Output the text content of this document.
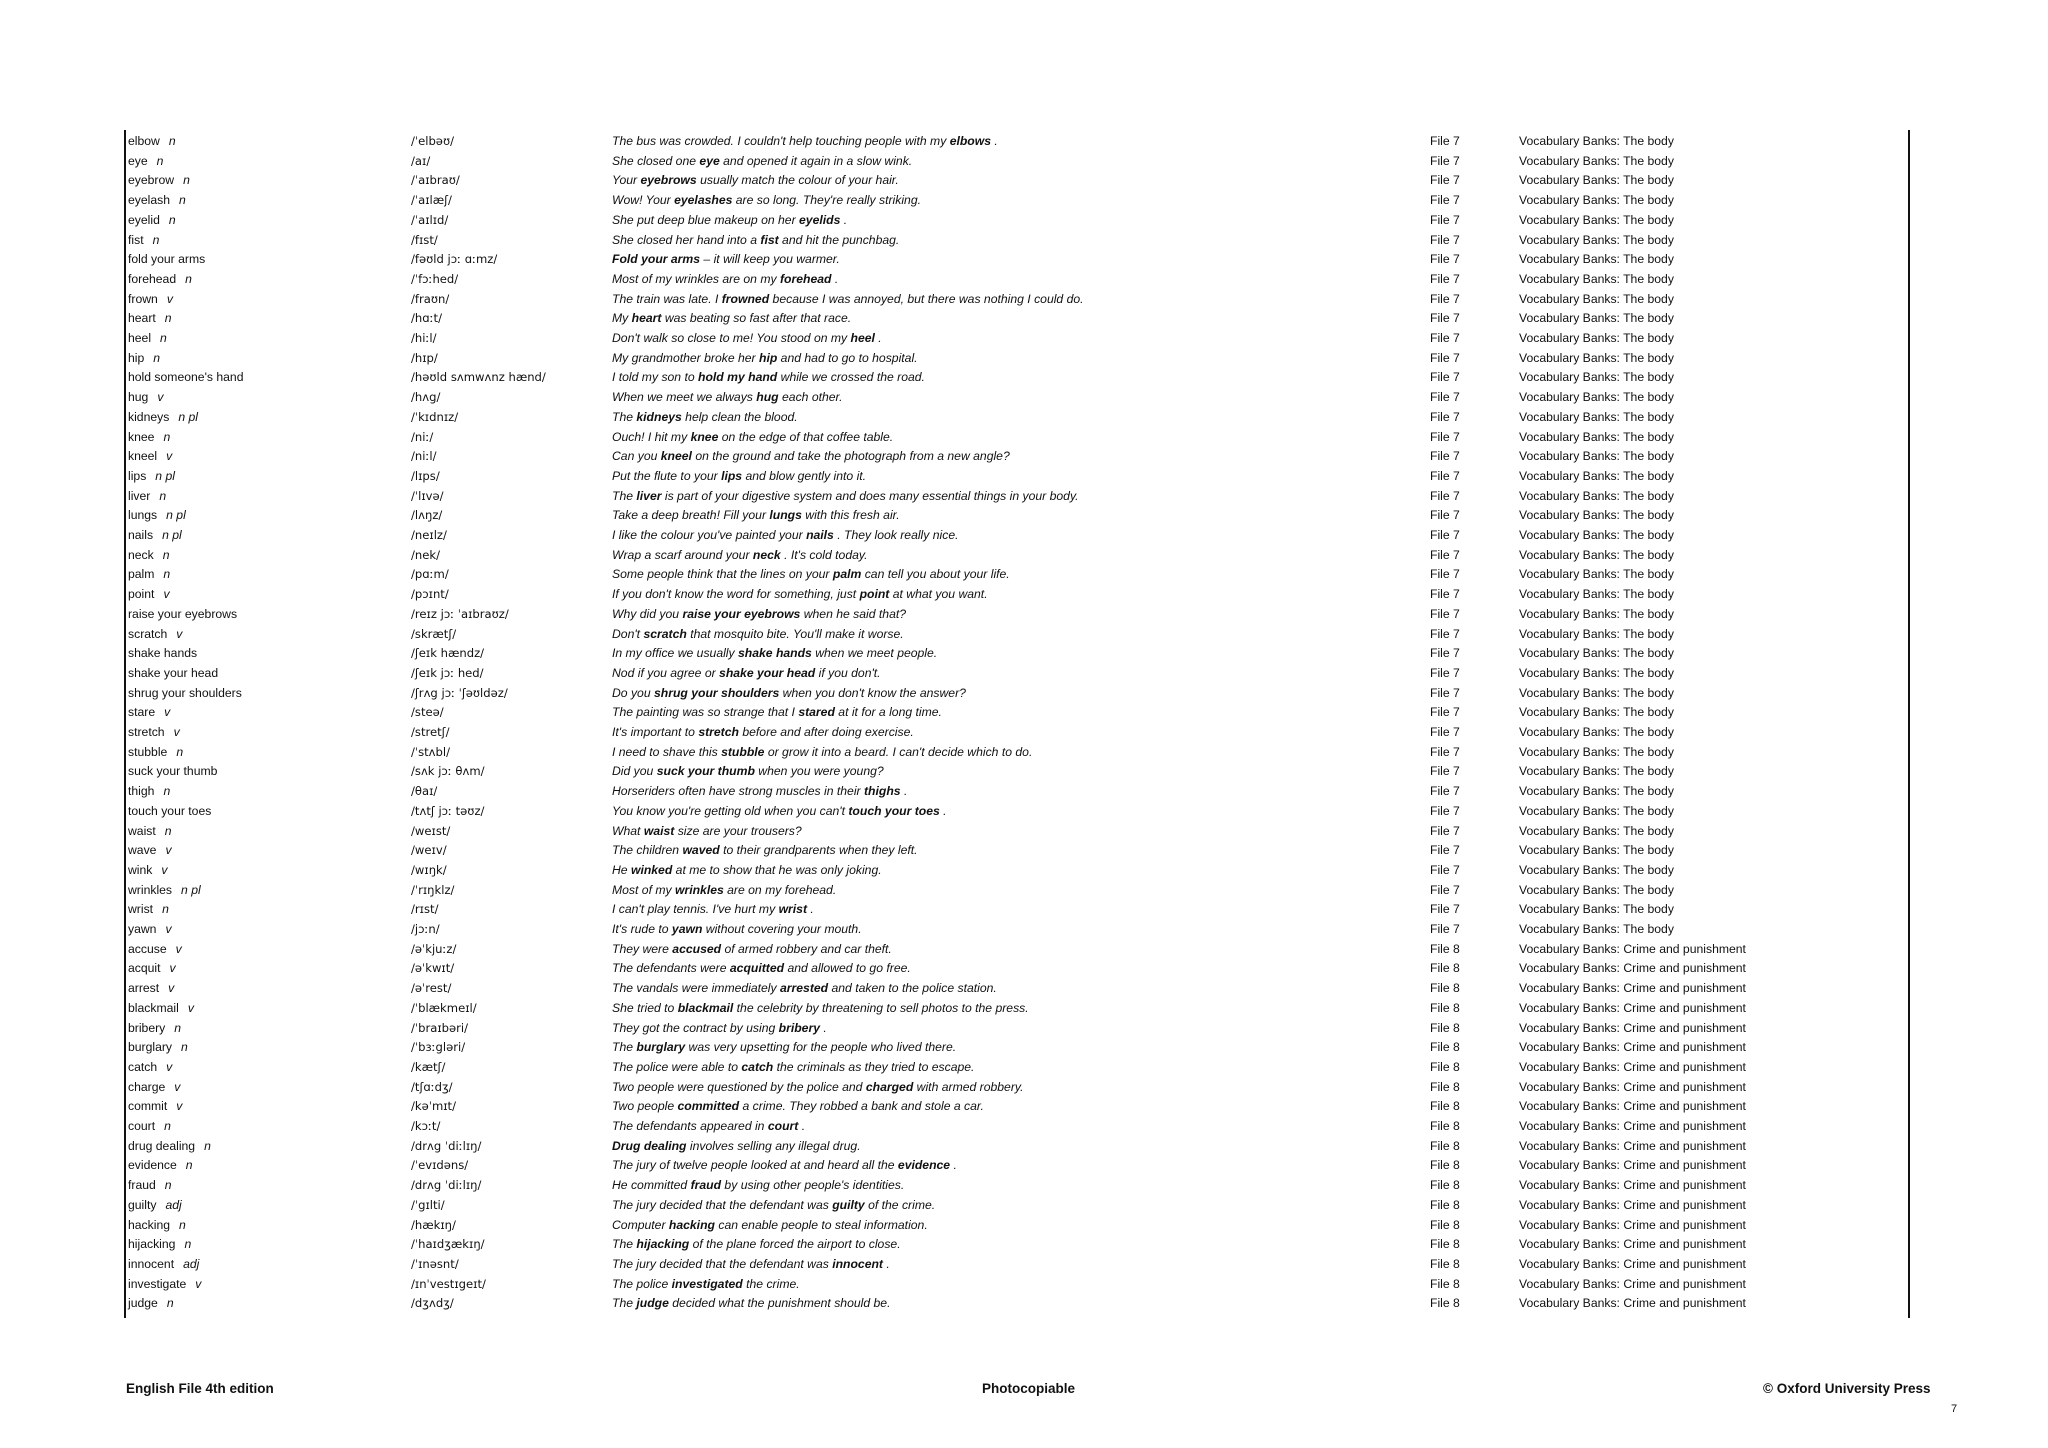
elbow n	/ˈelbəʊ/	The bus was crowded. I couldn't help touching people with my elbows .	File 7	Vocabulary Banks: The body
eye n	/aɪ/	She closed one eye and opened it again in a slow wink.	File 7	Vocabulary Banks: The body
eyebrow n	/ˈaɪbraʊ/	Your eyebrows usually match the colour of your hair.	File 7	Vocabulary Banks: The body
eyelash n	/ˈaɪlæʃ/	Wow! Your eyelashes are so long. They're really striking.	File 7	Vocabulary Banks: The body
eyelid n	/ˈaɪlɪd/	She put deep blue makeup on her eyelids .	File 7	Vocabulary Banks: The body
fist n	/fɪst/	She closed her hand into a fist and hit the punchbag.	File 7	Vocabulary Banks: The body
fold your arms	/fəʊld jɔː ɑːmz/	Fold your arms – it will keep you warmer.	File 7	Vocabulary Banks: The body
forehead n	/ˈfɔːhed/	Most of my wrinkles are on my forehead .	File 7	Vocabulary Banks: The body
frown v	/fraʊn/	The train was late. I frowned because I was annoyed, but there was nothing I could do.	File 7	Vocabulary Banks: The body
heart n	/hɑːt/	My heart was beating so fast after that race.	File 7	Vocabulary Banks: The body
heel n	/hiːl/	Don't walk so close to me! You stood on my heel .	File 7	Vocabulary Banks: The body
hip n	/hɪp/	My grandmother broke her hip and had to go to hospital.	File 7	Vocabulary Banks: The body
hold someone's hand	/həʊld sʌmwʌnz hænd/	I told my son to hold my hand while we crossed the road.	File 7	Vocabulary Banks: The body
hug v	/hʌg/	When we meet we always hug each other.	File 7	Vocabulary Banks: The body
kidneys n pl	/ˈkɪdnɪz/	The kidneys help clean the blood.	File 7	Vocabulary Banks: The body
knee n	/niː/	Ouch! I hit my knee on the edge of that coffee table.	File 7	Vocabulary Banks: The body
kneel v	/niːl/	Can you kneel on the ground and take the photograph from a new angle?	File 7	Vocabulary Banks: The body
lips n pl	/lɪps/	Put the flute to your lips and blow gently into it.	File 7	Vocabulary Banks: The body
liver n	/ˈlɪvə/	The liver is part of your digestive system and does many essential things in your body.	File 7	Vocabulary Banks: The body
lungs n pl	/lʌŋz/	Take a deep breath! Fill your lungs with this fresh air.	File 7	Vocabulary Banks: The body
nails n pl	/neɪlz/	I like the colour you've painted your nails . They look really nice.	File 7	Vocabulary Banks: The body
neck n	/nek/	Wrap a scarf around your neck . It's cold today.	File 7	Vocabulary Banks: The body
palm n	/pɑːm/	Some people think that the lines on your palm can tell you about your life.	File 7	Vocabulary Banks: The body
point v	/pɔɪnt/	If you don't know the word for something, just point at what you want.	File 7	Vocabulary Banks: The body
raise your eyebrows	/reɪz jɔː ˈaɪbraʊz/	Why did you raise your eyebrows when he said that?	File 7	Vocabulary Banks: The body
scratch v	/skrætʃ/	Don't scratch that mosquito bite. You'll make it worse.	File 7	Vocabulary Banks: The body
shake hands	/ʃeɪk hændz/	In my office we usually shake hands when we meet people.	File 7	Vocabulary Banks: The body
shake your head	/ʃeɪk jɔː hed/	Nod if you agree or shake your head if you don't.	File 7	Vocabulary Banks: The body
shrug your shoulders	/ʃrʌg jɔː ˈʃəʊldəz/	Do you shrug your shoulders when you don't know the answer?	File 7	Vocabulary Banks: The body
stare v	/steə/	The painting was so strange that I stared at it for a long time.	File 7	Vocabulary Banks: The body
stretch v	/stretʃ/	It's important to stretch before and after doing exercise.	File 7	Vocabulary Banks: The body
stubble n	/ˈstʌbl/	I need to shave this stubble or grow it into a beard. I can't decide which to do.	File 7	Vocabulary Banks: The body
suck your thumb	/sʌk jɔː θʌm/	Did you suck your thumb when you were young?	File 7	Vocabulary Banks: The body
thigh n	/θaɪ/	Horseriders often have strong muscles in their thighs .	File 7	Vocabulary Banks: The body
touch your toes	/tʌtʃ jɔː təʊz/	You know you're getting old when you can't touch your toes .	File 7	Vocabulary Banks: The body
waist n	/weɪst/	What waist size are your trousers?	File 7	Vocabulary Banks: The body
wave v	/weɪv/	The children waved to their grandparents when they left.	File 7	Vocabulary Banks: The body
wink v	/wɪŋk/	He winked at me to show that he was only joking.	File 7	Vocabulary Banks: The body
wrinkles n pl	/ˈrɪŋklz/	Most of my wrinkles are on my forehead.	File 7	Vocabulary Banks: The body
wrist n	/rɪst/	I can't play tennis. I've hurt my wrist .	File 7	Vocabulary Banks: The body
yawn v	/jɔːn/	It's rude to yawn without covering your mouth.	File 7	Vocabulary Banks: The body
accuse v	/əˈkjuːz/	They were accused of armed robbery and car theft.	File 8	Vocabulary Banks: Crime and punishment
acquit v	/əˈkwɪt/	The defendants were acquitted and allowed to go free.	File 8	Vocabulary Banks: Crime and punishment
arrest v	/əˈrest/	The vandals were immediately arrested and taken to the police station.	File 8	Vocabulary Banks: Crime and punishment
blackmail v	/ˈblækmeɪl/	She tried to blackmail the celebrity by threatening to sell photos to the press.	File 8	Vocabulary Banks: Crime and punishment
bribery n	/ˈbraɪbəri/	They got the contract by using bribery .	File 8	Vocabulary Banks: Crime and punishment
burglary n	/ˈbɜːgləri/	The burglary was very upsetting for the people who lived there.	File 8	Vocabulary Banks: Crime and punishment
catch v	/kætʃ/	The police were able to catch the criminals as they tried to escape.	File 8	Vocabulary Banks: Crime and punishment
charge v	/tʃɑːdʒ/	Two people were questioned by the police and charged with armed robbery.	File 8	Vocabulary Banks: Crime and punishment
commit v	/kəˈmɪt/	Two people committed a crime. They robbed a bank and stole a car.	File 8	Vocabulary Banks: Crime and punishment
court n	/kɔːt/	The defendants appeared in court .	File 8	Vocabulary Banks: Crime and punishment
drug dealing n	/drʌg ˈdiːlɪŋ/	Drug dealing involves selling any illegal drug.	File 8	Vocabulary Banks: Crime and punishment
evidence n	/ˈevɪdəns/	The jury of twelve people looked at and heard all the evidence .	File 8	Vocabulary Banks: Crime and punishment
fraud n	/drʌg ˈdiːlɪŋ/	He committed fraud by using other people's identities.	File 8	Vocabulary Banks: Crime and punishment
guilty adj	/ˈgɪlti/	The jury decided that the defendant was guilty of the crime.	File 8	Vocabulary Banks: Crime and punishment
hacking n	/hækɪŋ/	Computer hacking can enable people to steal information.	File 8	Vocabulary Banks: Crime and punishment
hijacking n	/ˈhaɪdʒækɪŋ/	The hijacking of the plane forced the airport to close.	File 8	Vocabulary Banks: Crime and punishment
innocent adj	/ˈɪnəsnt/	The jury decided that the defendant was innocent .	File 8	Vocabulary Banks: Crime and punishment
investigate v	/ɪnˈvestɪgeɪt/	The police investigated the crime.	File 8	Vocabulary Banks: Crime and punishment
judge n	/dʒʌdʒ/	The judge decided what the punishment should be.	File 8	Vocabulary Banks: Crime and punishment
English File 4th edition	Photocopiable	© Oxford University Press
7
